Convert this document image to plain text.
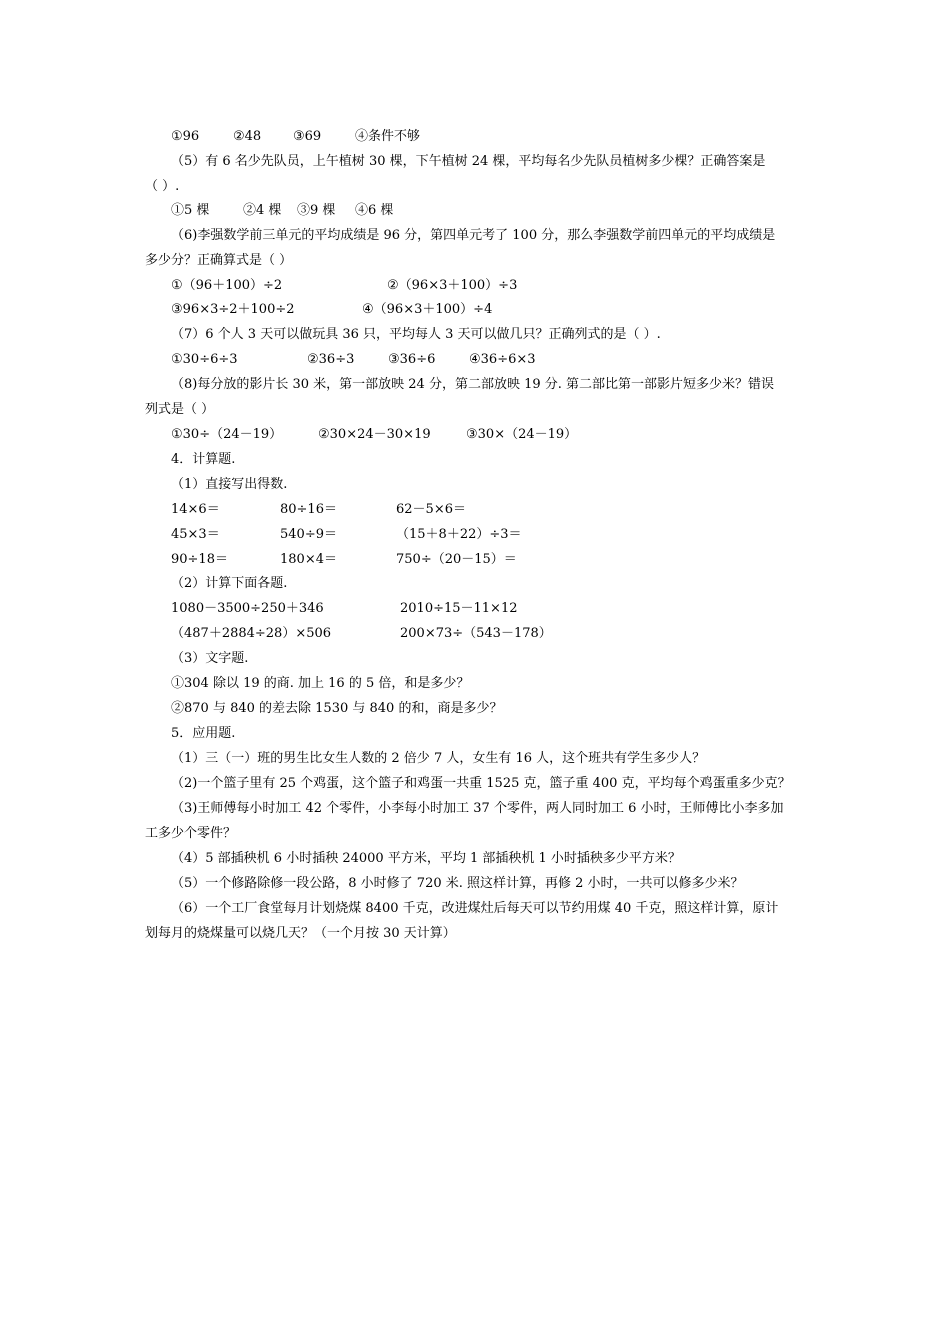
①96	②48 ③69	④条件不够
（5）有 6 名少先队员，上午植树 30 棵，下午植树 24 棵，平均每名少先队员植树多少棵？正确答案是
（ ）.
①5 棵	②4 棵 ③9 棵 ④6 棵
（6)李强数学前三单元的平均成绩是 96 分，第四单元考了 100 分，那么李强数学前四单元的平均成绩是
多少分？正确算式是（ ）
①（96＋100）÷2	②（96×3＋100）÷3
③96×3÷2＋100÷2	④（96×3＋100）÷4
（7）6 个人 3 天可以做玩具 36 只，平均每人 3 天可以做几只？正确列式的是（ ）.
①30÷6÷3	②36÷3	③36÷6	④36÷6×3
（8)每分放的影片长 30 米，第一部放映 24 分，第二部放映 19 分. 第二部比第一部影片短多少米？错误
列式是（ ）
①30÷（24－19）	②30×24－30×19	③30×（24－19）
4．计算题.
（1）直接写出得数.
14×6＝	80÷16＝	62－5×6＝
45×3＝	540÷9＝	（15＋8＋22）÷3＝
90÷18＝	180×4＝	750÷（20－15）＝
（2）计算下面各题.
1080－3500÷250＋346	2010÷15－11×12
（487＋2884÷28）×506	200×73÷（543－178）
（3）文字题.
①304 除以 19 的商. 加上 16 的 5 倍，和是多少？
②870 与 840 的差去除 1530 与 840 的和，商是多少？
5．应用题.
（1）三（一）班的男生比女生人数的 2 倍少 7 人，女生有 16 人，这个班共有学生多少人？
（2)一个篮子里有 25 个鸡蛋，这个篮子和鸡蛋一共重 1525 克，篮子重 400 克，平均每个鸡蛋重多少克？
（3)王师傅每小时加工 42 个零件，小李每小时加工 37 个零件，两人同时加工 6 小时，王师傅比小李多加
工多少个零件？
（4）5 部插秧机 6 小时插秧 24000 平方米，平均 1 部插秧机 1 小时插秧多少平方米？
（5）一个修路除修一段公路，8 小时修了 720 米. 照这样计算，再修 2 小时，一共可以修多少米？
（6）一个工厂食堂每月计划烧煤 8400 千克，改进煤灶后每天可以节约用煤 40 千克，照这样计算，原计
划每月的烧煤量可以烧几天？（一个月按 30 天计算）
